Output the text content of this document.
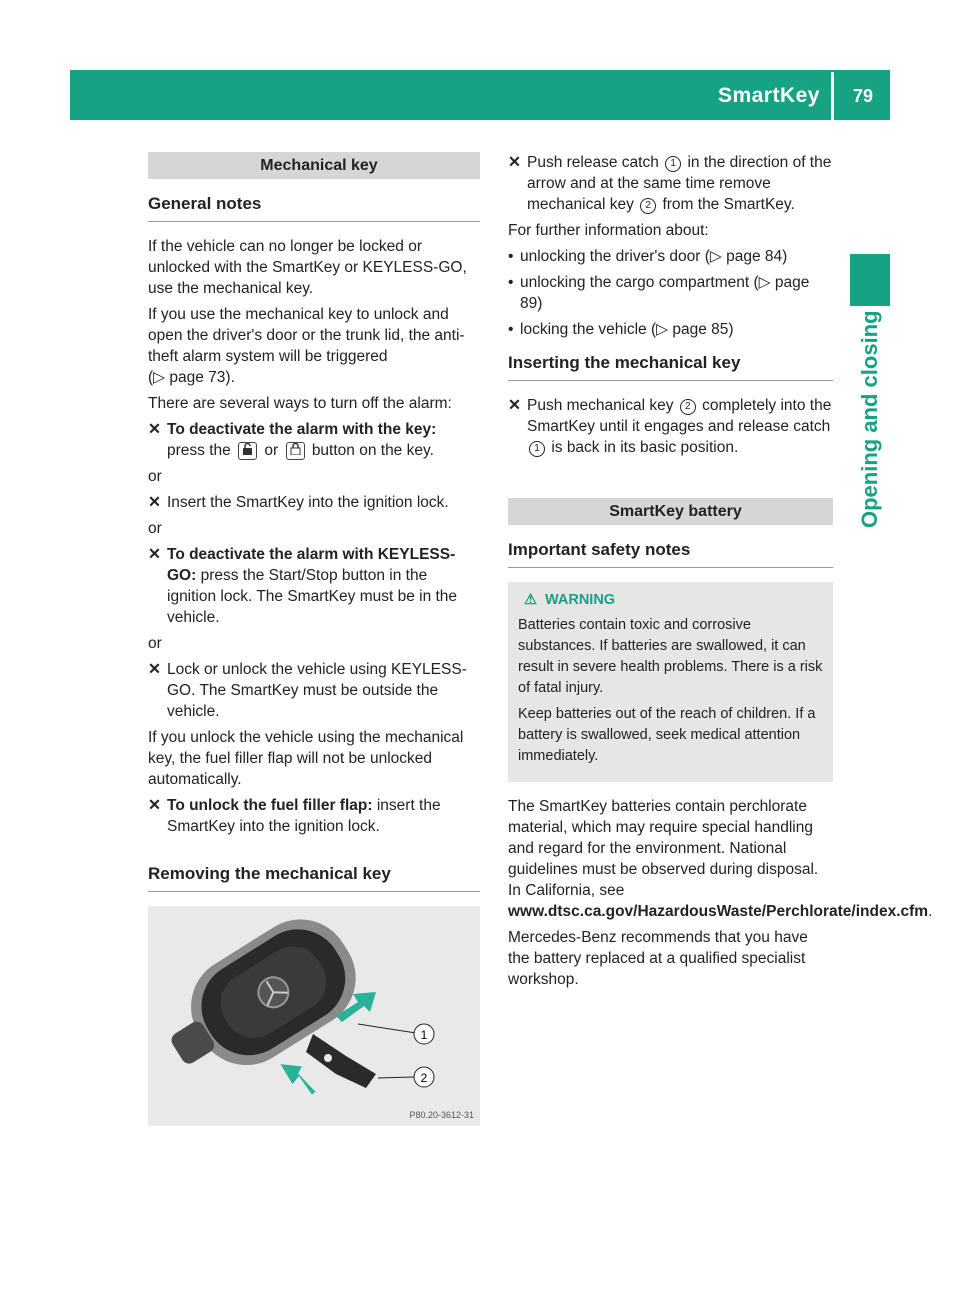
SmartKey	79
Opening and closing
Mechanical key
General notes

If the vehicle can no longer be locked or unlocked with the SmartKey or KEYLESS-GO, use the mechanical key.

If you use the mechanical key to unlock and open the driver's door or the trunk lid, the anti-theft alarm system will be triggered
(▷ page 73).

There are several ways to turn off the alarm:

✕ To deactivate the alarm with the key:
press the or button on the key.

or

✕ Insert the SmartKey into the ignition lock.

or

✕ To deactivate the alarm with KEYLESS-GO: press the Start/Stop button in the ignition lock. The SmartKey must be in the vehicle.

or

✕ Lock or unlock the vehicle using KEYLESS-GO. The SmartKey must be outside the vehicle.

If you unlock the vehicle using the mechanical key, the fuel filler flap will not be unlocked automatically.

✕ To unlock the fuel filler flap: insert the SmartKey into the ignition lock.
Removing the mechanical key
1
2
P80.20-3612-31
✕ Push release catch 1 in the direction of the arrow and at the same time remove mechanical key 2 from the SmartKey.

For further information about:

• unlocking the driver's door (▷ page 84)
• unlocking the cargo compartment (▷ page 89)
• locking the vehicle (▷ page 85)
Inserting the mechanical key
✕ Push mechanical key 2 completely into the SmartKey until it engages and release catch 1 is back in its basic position.
SmartKey battery
Important safety notes
⚠ WARNING

Batteries contain toxic and corrosive substances. If batteries are swallowed, it can result in severe health problems. There is a risk of fatal injury.

Keep batteries out of the reach of children. If a battery is swallowed, seek medical attention immediately.

The SmartKey batteries contain perchlorate material, which may require special handling and regard for the environment. National guidelines must be observed during disposal. In California, see www.dtsc.ca.gov/HazardousWaste/Perchlorate/index.cfm.

Mercedes-Benz recommends that you have the battery replaced at a qualified specialist workshop.
